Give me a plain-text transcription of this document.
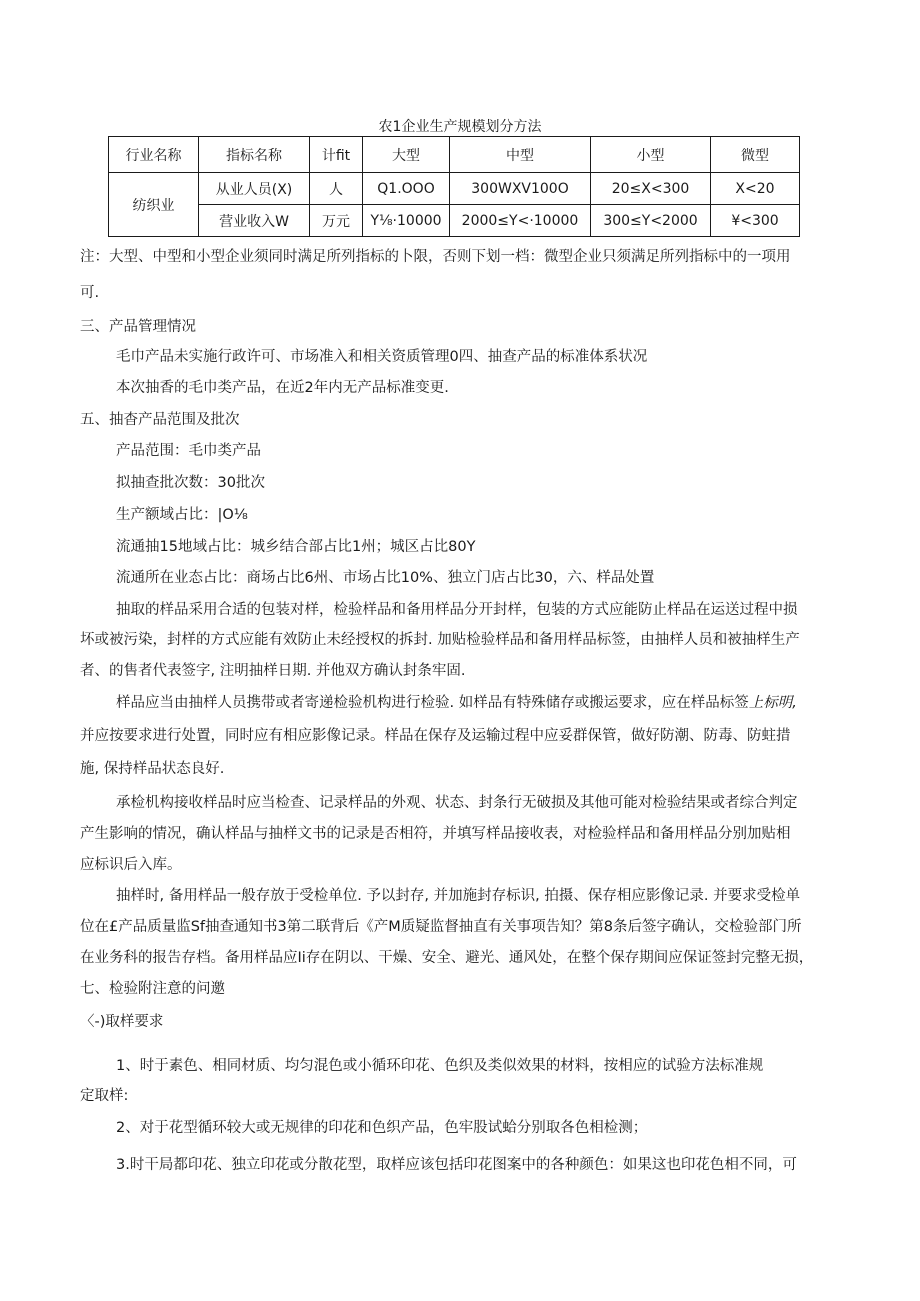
农1企业生产规模划分方法
行业名称	指标名称	计fit	大型	中型	小型	微型
纺织业	从业人员(X)	人	Q1.OOO	300WXV100O	20≤X<300	X<20
	营业收入W	万元	Y⅛·10000	2000≤Y<·10000	300≤Y<2000	¥<300
注：大型、中型和小型企业须同时满足所列指标的卜限，否则下划一档：微型企业只须满足所列指标中的一项用
可.
三、产品管理情况
毛巾产品未实施行政许可、市场准入和相关资质管理0四、抽查产品的标准体系状况
本次抽香的毛巾类产品，在近2年内无产品标准变更.
五、抽杳产品范围及批次
产品范围：毛巾类产品
拟抽查批次数：30批次
生产额域占比：|O⅛
流通抽15地域占比：城乡结合部占比1州；城区占比80Y
流通所在业态占比：商场占比6州、市场占比10%、独立门店占比30，六、样品处置
抽取的样品采用合适的包装对样，检验样品和备用样品分开封样，包装的方式应能防止样品在运送过程中损
坏或被污染，封样的方式应能有效防止未经授权的拆封. 加贴检验样品和备用样品标签，由抽样人员和被抽样生产
者、的售者代表签字, 注明抽样日期. 并他双方确认封条牢固.
样品应当由抽样人员携带或者寄递检验机构进行检验. 如样品有特殊储存或搬运要求，应在样品标签上标明,
并应按要求进行处置，同时应有相应影像记录。样品在保存及运输过程中应妥群保管，做好防潮、防毒、防蛀措
施, 保持样品状态良好.
承检机构接收样品时应当检查、记录样品的外观、状态、封条行无破损及其他可能对检验结果或者综合判定
产生影响的情况，确认样品与抽样文书的记录是否相符，并填写样品接收表，对检验样品和备用样品分别加贴相
应标识后入库。
抽样时, 备用样品一般存放于受检单位. 予以封存, 并加施封存标识, 拍摄、保存相应影像记录. 并要求受检单
位在£产品质量监Sf抽查通知书3第二联背后《产M质疑监督抽直有关事项告知？第8条后签字确认，交检验部门所
在业务科的报告存档。备用样品应Ii存在阴以、干燥、安全、避光、通风处，在整个保存期间应保证签封完整无损，
七、检验附注意的问邀
〈-)取样要求
1、时于素色、相同材质、均匀混色或小循环印花、色织及类似效果的材料，按相应的试验方法标准规
定取样:
2、对于花型循环较大或无规律的印花和色织产品，色牢股试蛤分别取各色相检测；
3.时干局都印花、独立印花或分散花型，取样应该包括印花图案中的各种颜色：如果这也印花色相不同，可
